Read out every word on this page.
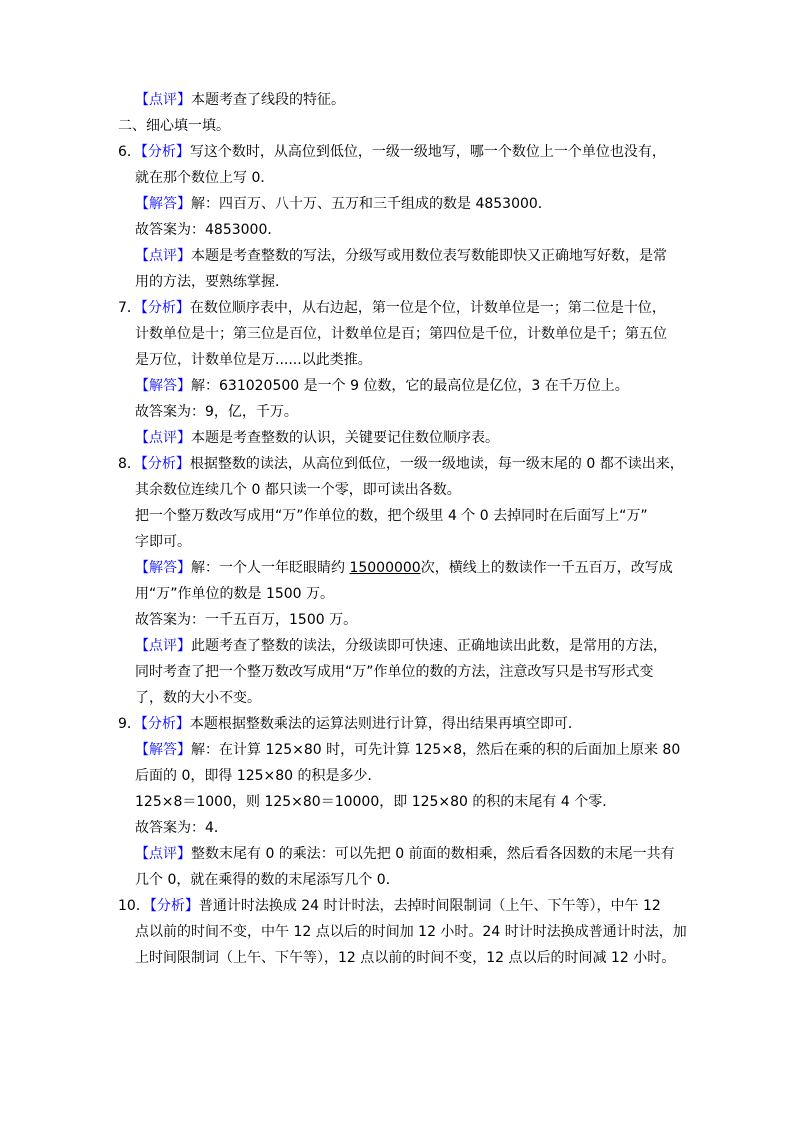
【点评】本题考查了线段的特征。
二、细心填一填。
6．【分析】写这个数时，从高位到低位，一级一级地写，哪一个数位上一个单位也没有，
就在那个数位上写 0．
【解答】解：四百万、八十万、五万和三千组成的数是 4853000．
故答案为：4853000．
【点评】本题是考查整数的写法，分级写或用数位表写数能即快又正确地写好数，是常
用的方法，要熟练掌握．
7．【分析】在数位顺序表中，从右边起，第一位是个位，计数单位是一；第二位是十位，
计数单位是十；第三位是百位，计数单位是百；第四位是千位，计数单位是千；第五位
是万位，计数单位是万......以此类推。
【解答】解：631020500 是一个 9 位数，它的最高位是亿位，3 在千万位上。
故答案为：9，亿，千万。
【点评】本题是考查整数的认识，关键要记住数位顺序表。
8．【分析】根据整数的读法，从高位到低位，一级一级地读，每一级末尾的 0 都不读出来，
其余数位连续几个 0 都只读一个零，即可读出各数。
把一个整万数改写成用“万”作单位的数，把个级里 4 个 0 去掉同时在后面写上“万”
字即可。
【解答】解：一个人一年眨眼睛约 15000000次，横线上的数读作一千五百万，改写成
用“万”作单位的数是 1500 万。
故答案为：一千五百万，1500 万。
【点评】此题考查了整数的读法，分级读即可快速、正确地读出此数，是常用的方法，
同时考查了把一个整万数改写成用“万”作单位的数的方法，注意改写只是书写形式变
了，数的大小不变。
9．【分析】本题根据整数乘法的运算法则进行计算，得出结果再填空即可．
【解答】解：在计算 125×80 时，可先计算 125×8，然后在乘的积的后面加上原来 80
后面的 0，即得 125×80 的积是多少．
125×8＝1000，则 125×80＝10000，即 125×80 的积的末尾有 4 个零．
故答案为：4．
【点评】整数末尾有 0 的乘法：可以先把 0 前面的数相乘，然后看各因数的末尾一共有
几个 0，就在乘得的数的末尾添写几个 0．
10．【分析】普通计时法换成 24 时计时法，去掉时间限制词（上午、下午等），中午 12
点以前的时间不变，中午 12 点以后的时间加 12 小时。24 时计时法换成普通计时法，加
上时间限制词（上午、下午等），12 点以前的时间不变，12 点以后的时间减 12 小时。
